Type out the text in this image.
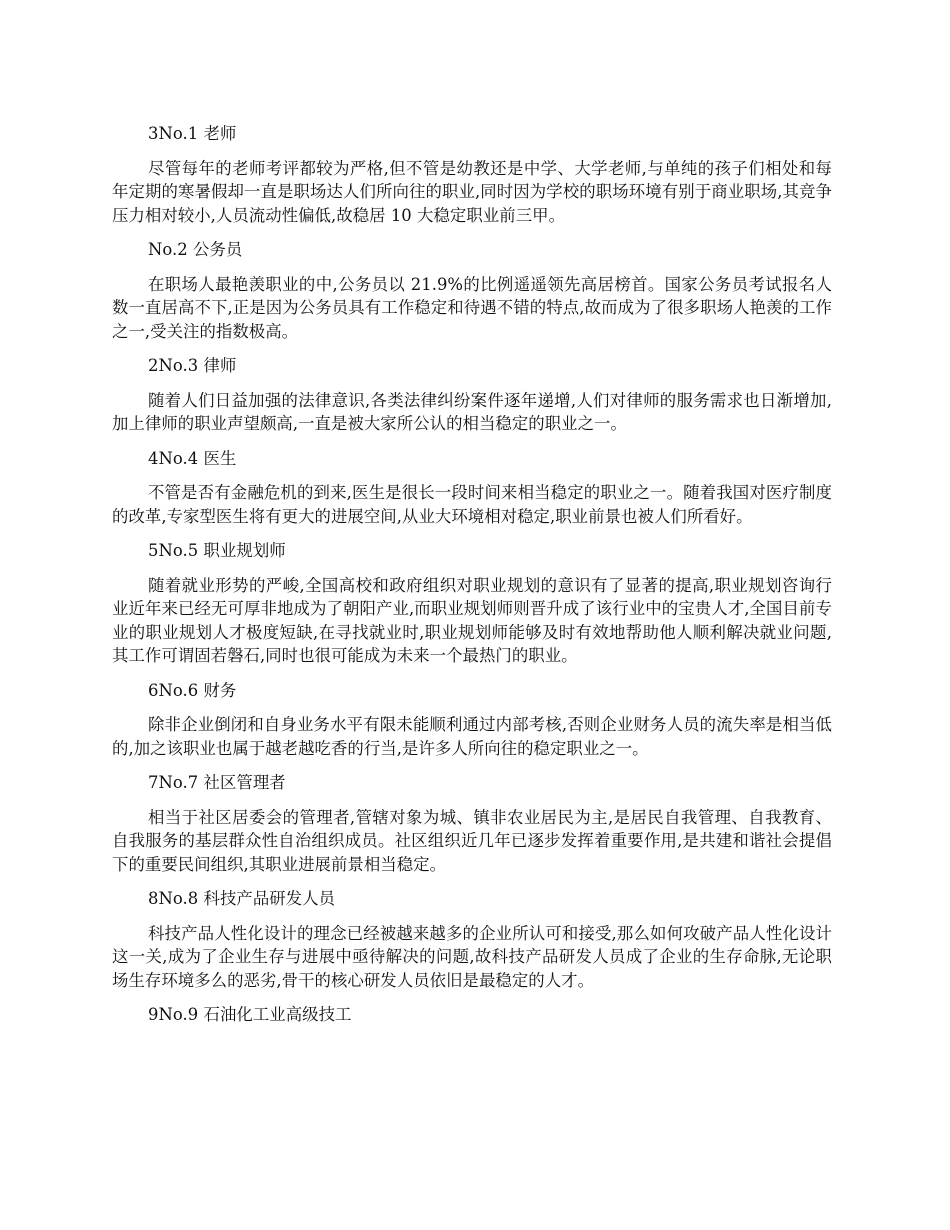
3No.1 老师

尽管每年的老师考评都较为严格,但不管是幼教还是中学、大学老师,与单纯的孩子们相处和每年定期的寒暑假却一直是职场达人们所向往的职业,同时因为学校的职场环境有别于商业职场,其竞争压力相对较小,人员流动性偏低,故稳居 10 大稳定职业前三甲。

No.2 公务员

在职场人最艳羡职业的中,公务员以 21.9%的比例遥遥领先高居榜首。国家公务员考试报名人数一直居高不下,正是因为公务员具有工作稳定和待遇不错的特点,故而成为了很多职场人艳羡的工作之一,受关注的指数极高。

2No.3 律师

随着人们日益加强的法律意识,各类法律纠纷案件逐年递增,人们对律师的服务需求也日渐增加,加上律师的职业声望颇高,一直是被大家所公认的相当稳定的职业之一。

4No.4 医生

不管是否有金融危机的到来,医生是很长一段时间来相当稳定的职业之一。随着我国对医疗制度的改革,专家型医生将有更大的进展空间,从业大环境相对稳定,职业前景也被人们所看好。

5No.5 职业规划师

随着就业形势的严峻,全国高校和政府组织对职业规划的意识有了显著的提高,职业规划咨询行业近年来已经无可厚非地成为了朝阳产业,而职业规划师则晋升成了该行业中的宝贵人才,全国目前专业的职业规划人才极度短缺,在寻找就业时,职业规划师能够及时有效地帮助他人顺利解决就业问题,其工作可谓固若磐石,同时也很可能成为未来一个最热门的职业。

6No.6 财务

除非企业倒闭和自身业务水平有限未能顺利通过内部考核,否则企业财务人员的流失率是相当低的,加之该职业也属于越老越吃香的行当,是许多人所向往的稳定职业之一。

7No.7 社区管理者

相当于社区居委会的管理者,管辖对象为城、镇非农业居民为主,是居民自我管理、自我教育、自我服务的基层群众性自治组织成员。社区组织近几年已逐步发挥着重要作用,是共建和谐社会提倡下的重要民间组织,其职业进展前景相当稳定。

8No.8 科技产品研发人员

科技产品人性化设计的理念已经被越来越多的企业所认可和接受,那么如何攻破产品人性化设计这一关,成为了企业生存与进展中亟待解决的问题,故科技产品研发人员成了企业的生存命脉,无论职场生存环境多么的恶劣,骨干的核心研发人员依旧是最稳定的人才。

9No.9 石油化工业高级技工
